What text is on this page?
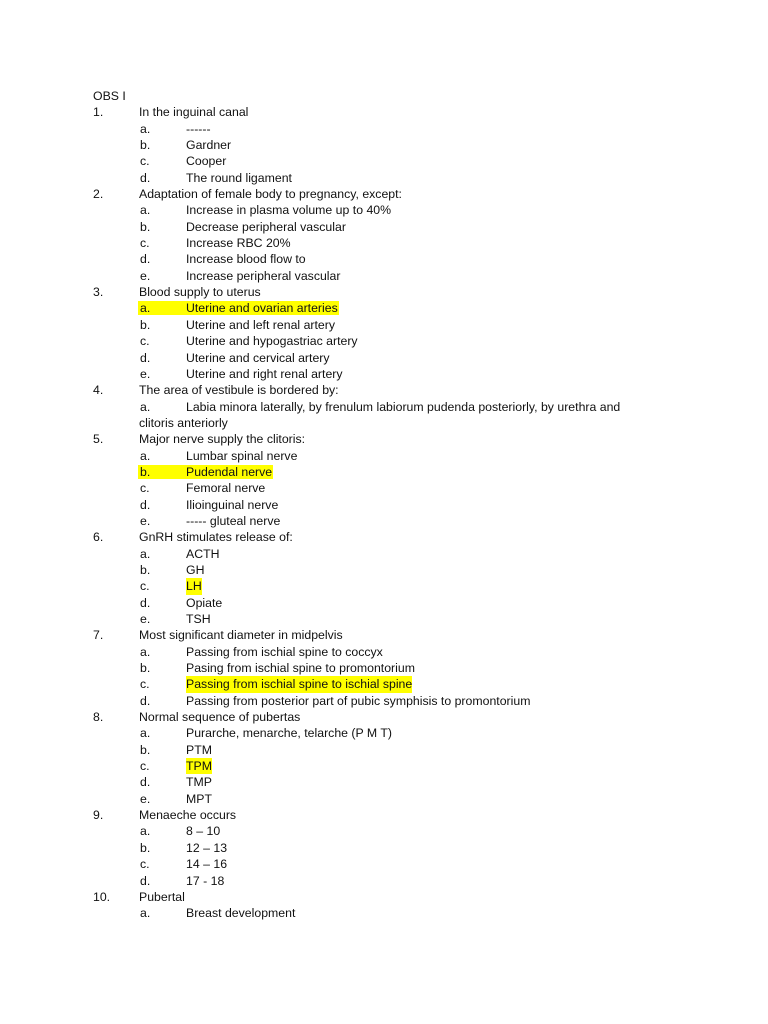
OBS I
1.	In the inguinal canal
a.	------
b.	Gardner
c.	Cooper
d.	The round ligament
2.	Adaptation of female body to pregnancy, except:
a.	Increase in plasma volume up to 40%
b.	Decrease peripheral vascular
c.	Increase RBC 20%
d.	Increase blood flow to
e.	Increase peripheral vascular
3.	Blood supply to uterus
a.	Uterine and ovarian arteries
b.	Uterine and left renal artery
c.	Uterine and hypogastriac artery
d.	Uterine and cervical artery
e.	Uterine and right renal artery
4.	The area of vestibule is bordered by:
a.	Labia minora laterally, by frenulum labiorum pudenda posteriorly, by urethra and
clitoris anteriorly
5.	Major nerve supply the clitoris:
a.	Lumbar spinal nerve
b.	Pudendal nerve
c.	Femoral nerve
d.	Ilioinguinal nerve
e.	----- gluteal nerve
6.	GnRH stimulates release of:
a.	ACTH
b.	GH
c.	LH
d.	Opiate
e.	TSH
7.	Most significant diameter in midpelvis
a.	Passing from ischial spine to coccyx
b.	Pasing from ischial spine to promontorium
c.	Passing from ischial spine to ischial spine
d.	Passing from posterior part of pubic symphisis to promontorium
8.	Normal sequence of pubertas
a.	Purarche, menarche, telarche (P M T)
b.	PTM
c.	TPM
d.	TMP
e.	MPT
9.	Menaeche occurs
a.	8 – 10
b.	12 – 13
c.	14 – 16
d.	17 - 18
10. Pubertal
a.	Breast development
